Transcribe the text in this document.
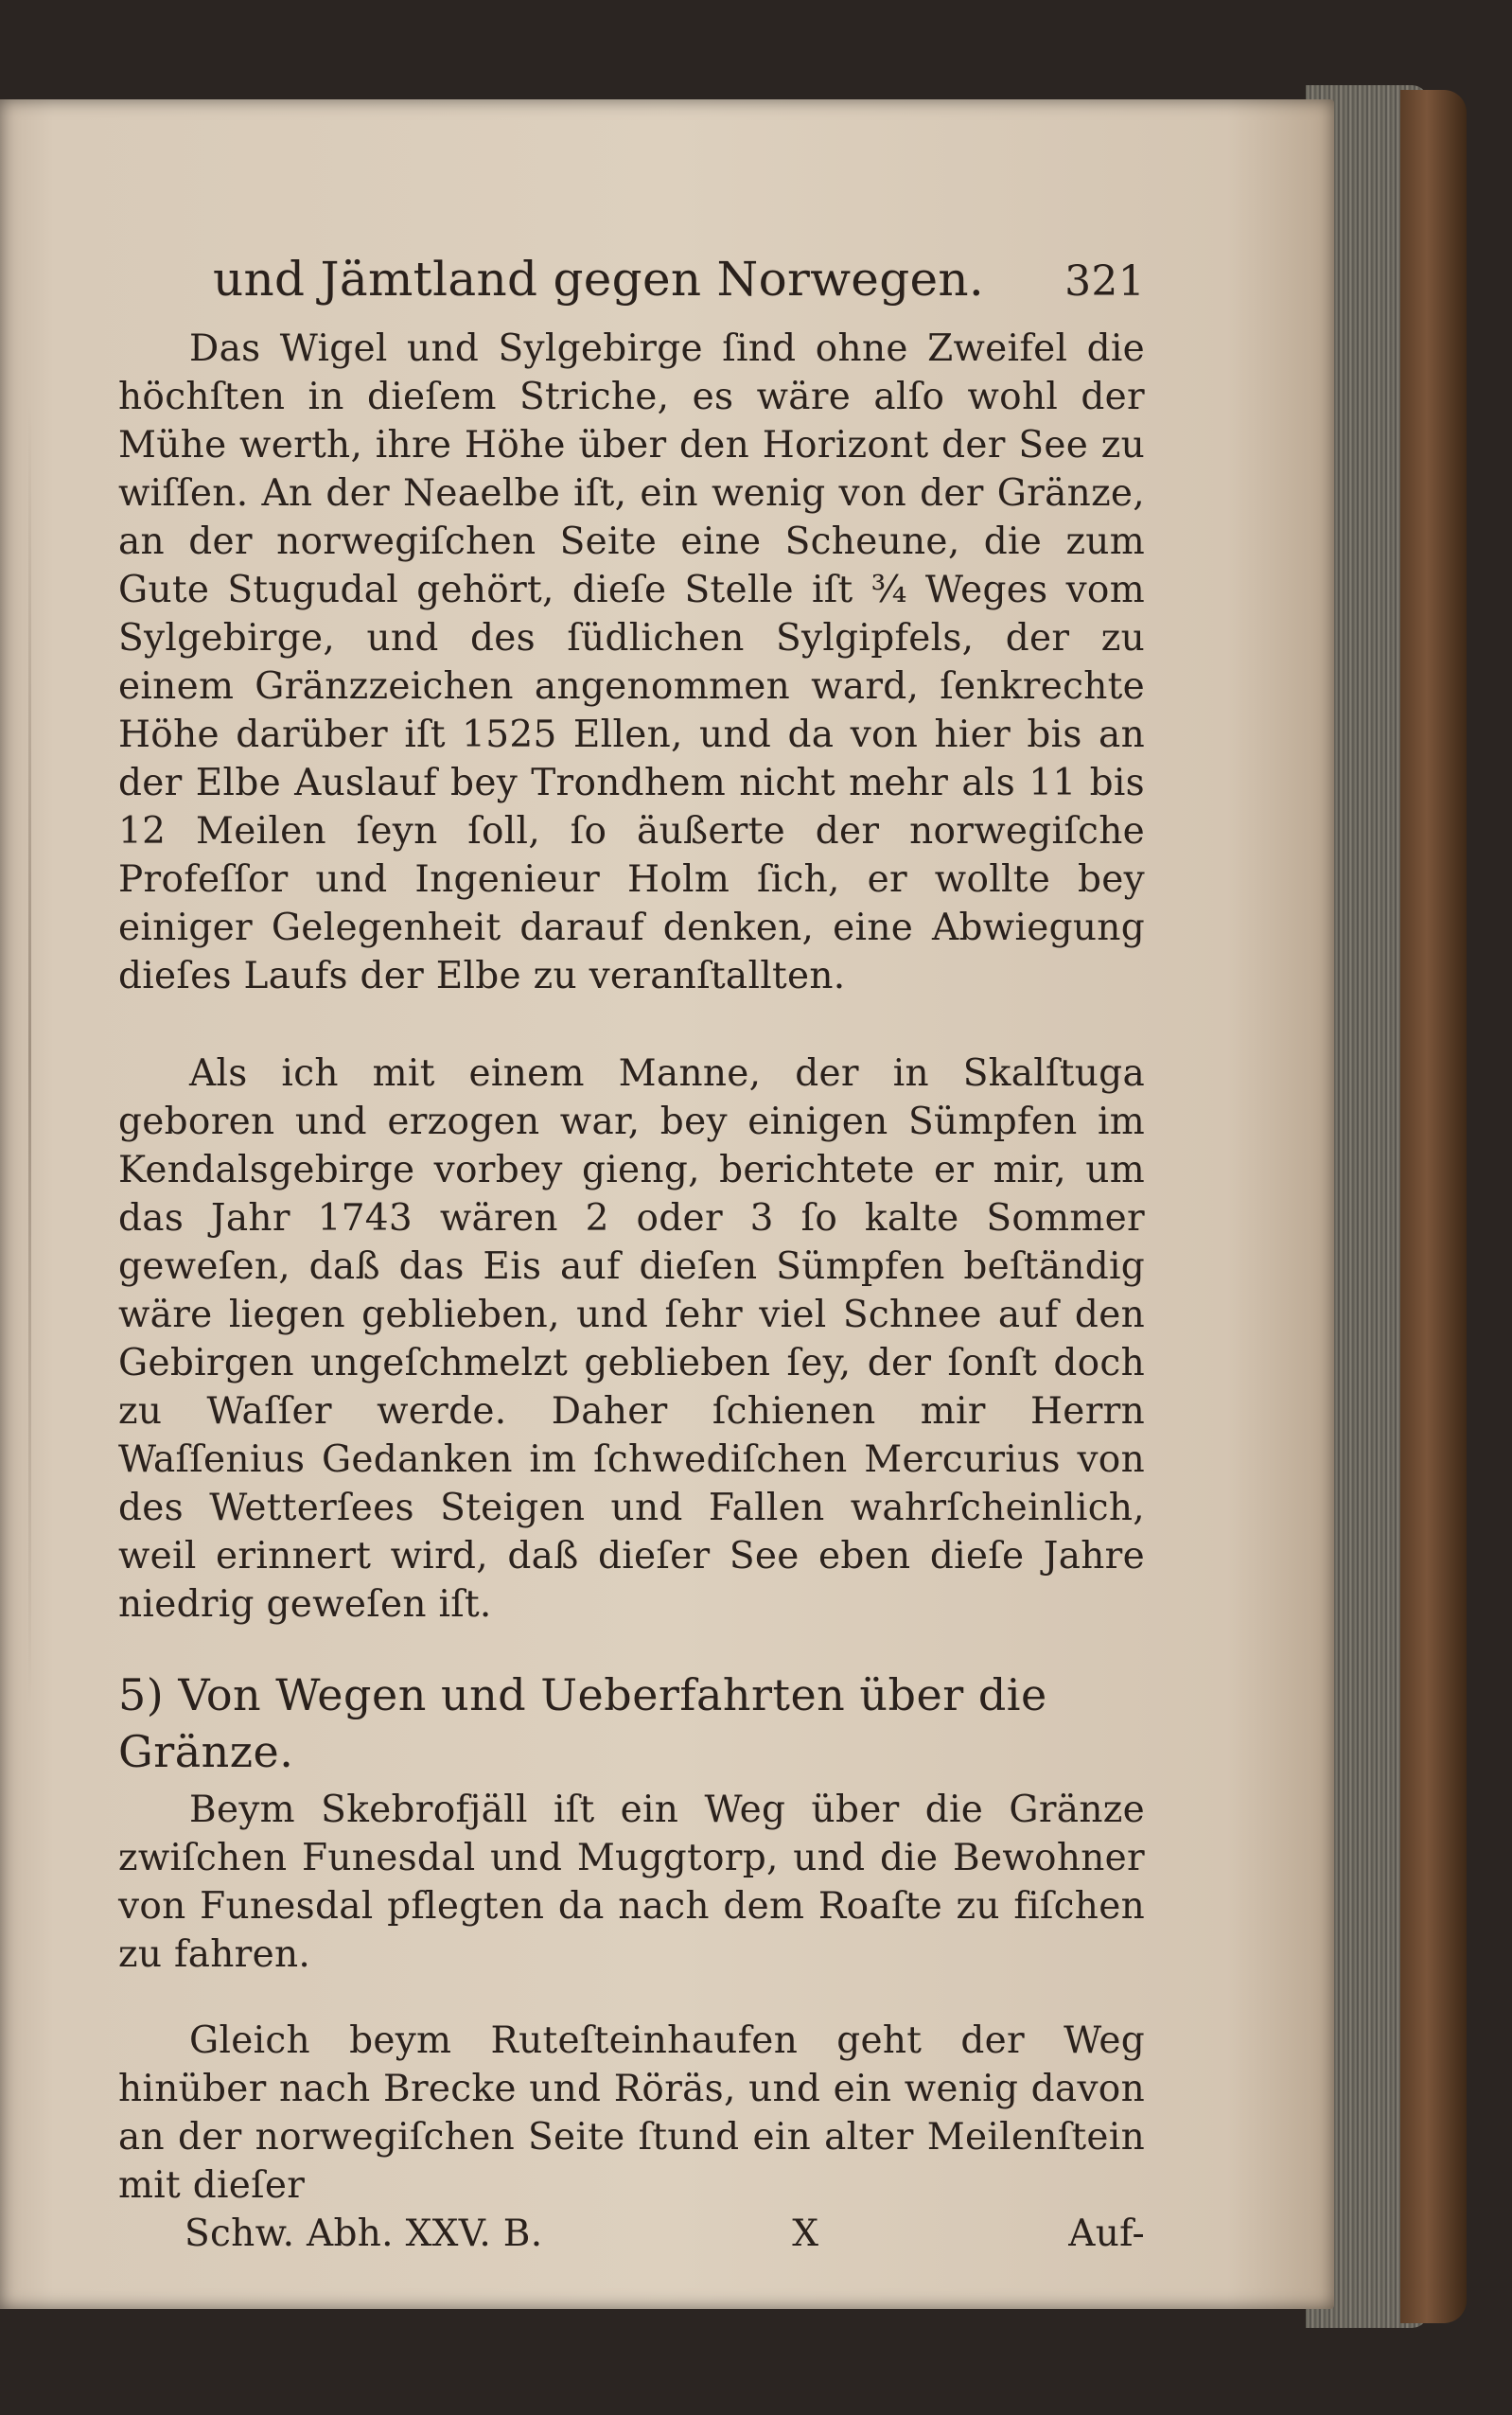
und Jämtland gegen Norwegen. 321

Das Wigel und Sylgebirge ſind ohne Zweifel die höchſten in dieſem Striche, es wäre alſo wohl der Mühe werth, ihre Höhe über den Horizont der See zu wiſſen. An der Neaelbe iſt, ein wenig von der Gränze, an der norwegiſchen Seite eine Scheune, die zum Gute Stugudal gehört, dieſe Stelle iſt ¾ Weges vom Sylgebirge, und des ſüdlichen Sylgipfels, der zu einem Gränzzeichen angenommen ward, ſenkrechte Höhe darüber iſt 1525 Ellen, und da von hier bis an der Elbe Auslauf bey Trondhem nicht mehr als 11 bis 12 Meilen ſeyn ſoll, ſo äußerte der norwegiſche Profeſſor und Ingenieur Holm ſich, er wollte bey einiger Gelegenheit darauf denken, eine Abwiegung dieſes Laufs der Elbe zu veranſtallten.

Als ich mit einem Manne, der in Skalſtuga geboren und erzogen war, bey einigen Sümpfen im Kendalsgebirge vorbey gieng, berichtete er mir, um das Jahr 1743 wären 2 oder 3 ſo kalte Sommer geweſen, daß das Eis auf dieſen Sümpfen beſtändig wäre liegen geblieben, und ſehr viel Schnee auf den Gebirgen ungeſchmelzt geblieben ſey, der ſonſt doch zu Waſſer werde. Daher ſchienen mir Herrn Waſſenius Gedanken im ſchwediſchen Mercurius von des Wetterſees Steigen und Fallen wahrſcheinlich, weil erinnert wird, daß dieſer See eben dieſe Jahre niedrig geweſen iſt.

5) Von Wegen und Ueberfahrten über die Gränze.

Beym Skebrofjäll iſt ein Weg über die Gränze zwiſchen Funesdal und Muggtorp, und die Bewohner von Funesdal pflegten da nach dem Roaſte zu fiſchen zu fahren.

Gleich beym Ruteſteinhaufen geht der Weg hinüber nach Brecke und Röräs, und ein wenig davon an der norwegiſchen Seite ſtund ein alter Meilenſtein mit dieſer

Schw. Abh. XXV. B.	X	Auf-
